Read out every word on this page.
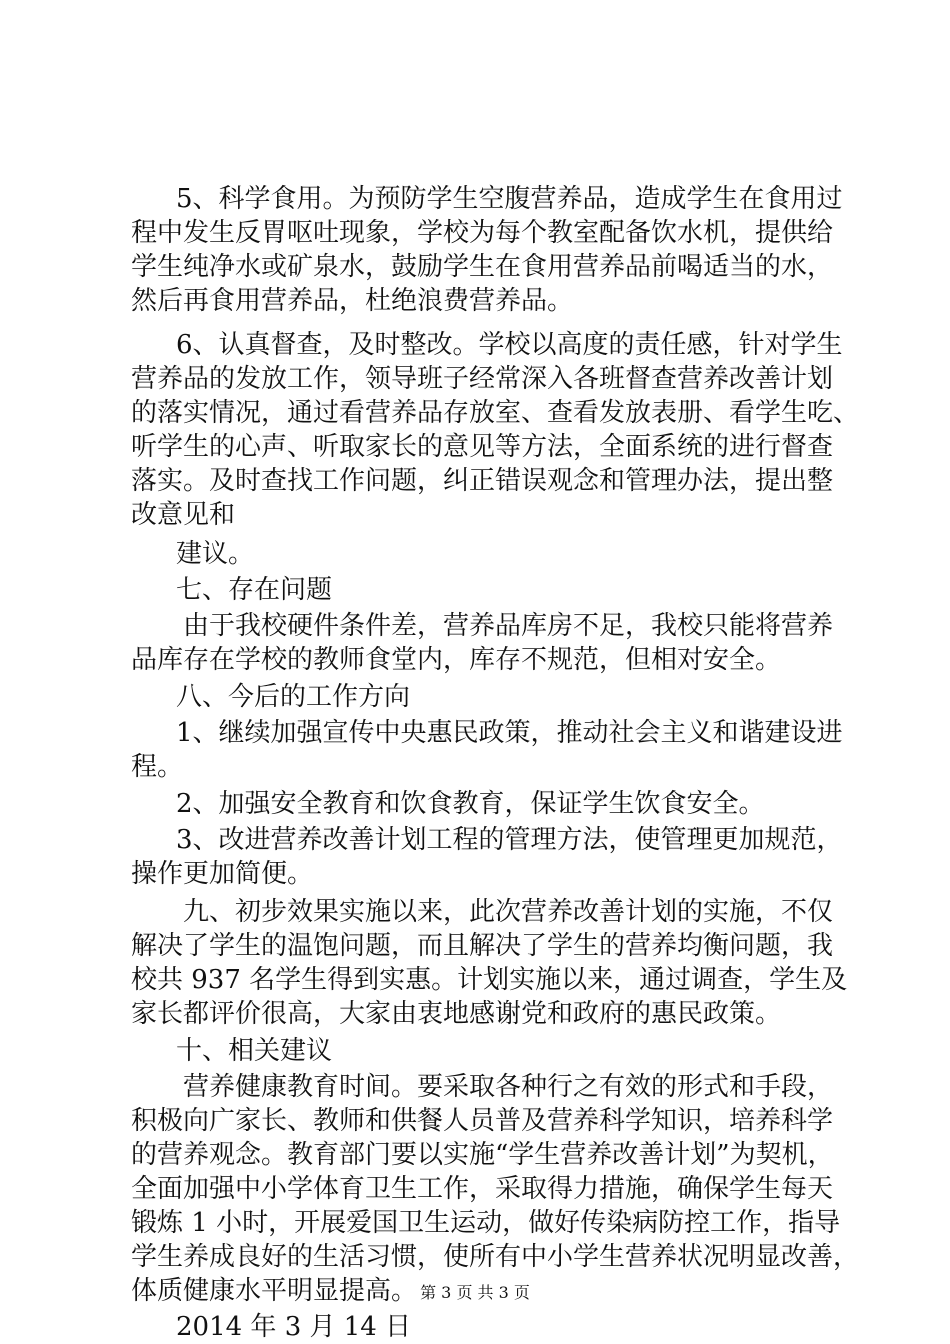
5、科学食用。为预防学生空腹营养品，造成学生在食用过
程中发生反胃呕吐现象，学校为每个教室配备饮水机，提供给
学生纯净水或矿泉水，鼓励学生在食用营养品前喝适当的水，
然后再食用营养品，杜绝浪费营养品。
6、认真督查，及时整改。学校以高度的责任感，针对学生
营养品的发放工作，领导班子经常深入各班督查营养改善计划
的落实情况，通过看营养品存放室、查看发放表册、看学生吃、
听学生的心声、听取家长的意见等方法，全面系统的进行督查
落实。及时查找工作问题，纠正错误观念和管理办法，提出整
改意见和
建议。
七、存在问题
由于我校硬件条件差，营养品库房不足，我校只能将营养
品库存在学校的教师食堂内，库存不规范，但相对安全。
八、今后的工作方向
1、继续加强宣传中央惠民政策，推动社会主义和谐建设进
程。
2、加强安全教育和饮食教育，保证学生饮食安全。
3、改进营养改善计划工程的管理方法，使管理更加规范，
操作更加简便。
九、初步效果实施以来，此次营养改善计划的实施，不仅
解决了学生的温饱问题，而且解决了学生的营养均衡问题，我
校共 937 名学生得到实惠。计划实施以来，通过调查，学生及
家长都评价很高，大家由衷地感谢党和政府的惠民政策。
十、相关建议
营养健康教育时间。要采取各种行之有效的形式和手段，
积极向广家长、教师和供餐人员普及营养科学知识，培养科学
的营养观念。教育部门要以实施“学生营养改善计划”为契机，
全面加强中小学体育卫生工作，采取得力措施，确保学生每天
锻炼 1 小时，开展爱国卫生运动，做好传染病防控工作，指导
学生养成良好的生活习惯，使所有中小学生营养状况明显改善，
体质健康水平明显提高。
2014 年 3 月 14 日
第 3 页 共 3 页
